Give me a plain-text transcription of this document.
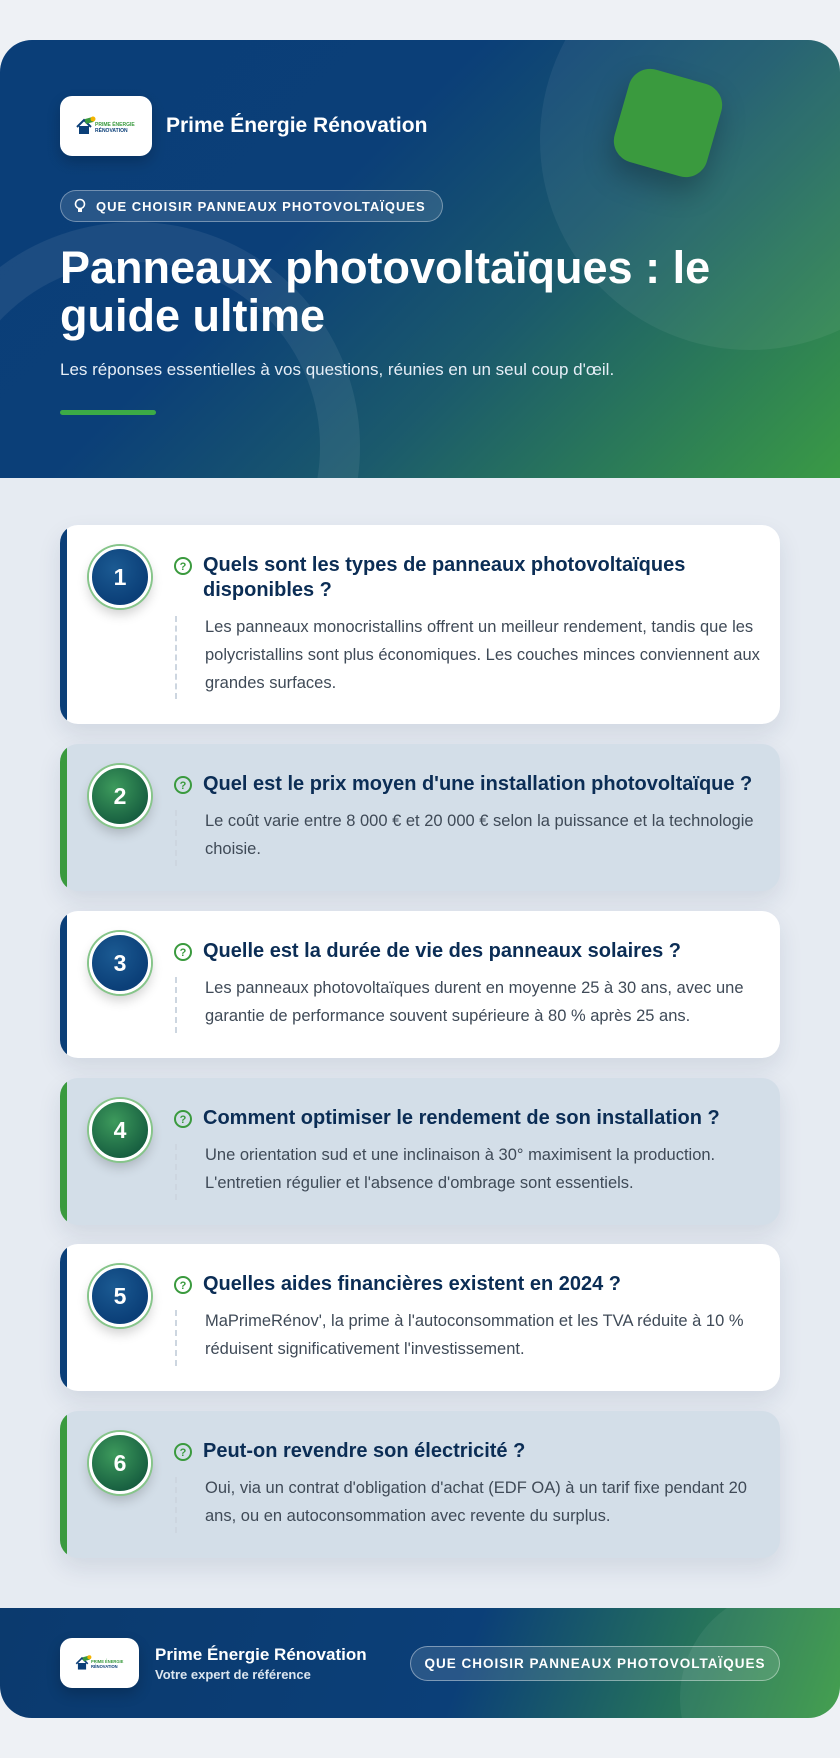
PRIME ÉNERGIE
RÉNOVATION Prime Énergie Rénovation
QUE CHOISIR PANNEAUX PHOTOVOLTAÏQUES
Panneaux photovoltaïques : le guide ultime

Les réponses essentielles à vos questions, réunies en un seul coup d'œil.

1	? Quels sont les types de panneaux photovoltaïques disponibles ?
Les panneaux monocristallins offrent un meilleur rendement, tandis que les polycristallins sont plus économiques. Les couches minces conviennent aux grandes surfaces.
2	? Quel est le prix moyen d'une installation photovoltaïque ?
Le coût varie entre 8 000 € et 20 000 € selon la puissance et la technologie choisie.
3	? Quelle est la durée de vie des panneaux solaires ?
Les panneaux photovoltaïques durent en moyenne 25 à 30 ans, avec une garantie de performance souvent supérieure à 80 % après 25 ans.
4	? Comment optimiser le rendement de son installation ?
Une orientation sud et une inclinaison à 30° maximisent la production. L'entretien régulier et l'absence d'ombrage sont essentiels.
5	? Quelles aides financières existent en 2024 ?
MaPrimeRénov', la prime à l'autoconsommation et les TVA réduite à 10 % réduisent significativement l'investissement.
6	? Peut-on revendre son électricité ?
Oui, via un contrat d'obligation d'achat (EDF OA) à un tarif fixe pendant 20 ans, ou en autoconsommation avec revente du surplus.
PRIME ÉNERGIE
RÉNOVATION
Prime Énergie Rénovation
Votre expert de référence
QUE CHOISIR PANNEAUX PHOTOVOLTAÏQUES
